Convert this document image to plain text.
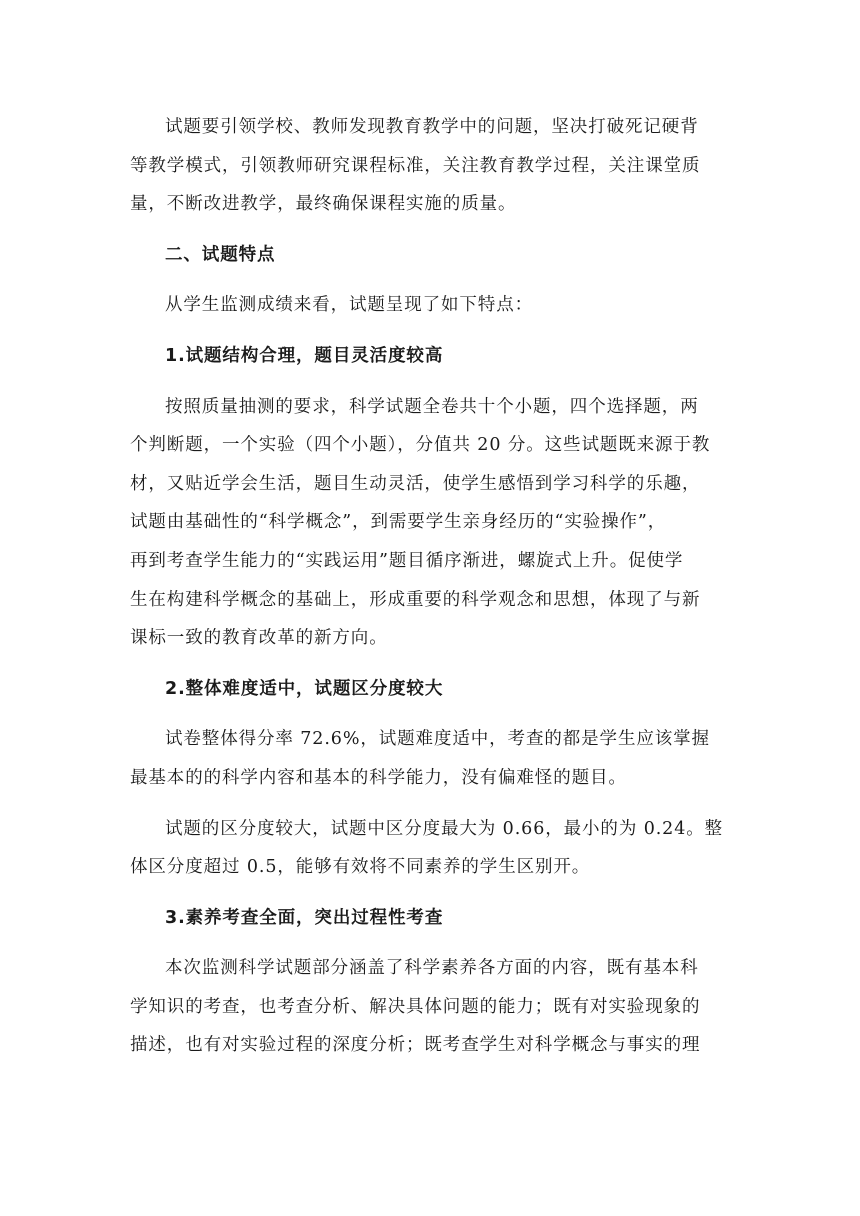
试题要引领学校、教师发现教育教学中的问题，坚决打破死记硬背
等教学模式，引领教师研究课程标准，关注教育教学过程，关注课堂质
量，不断改进教学，最终确保课程实施的质量。

二、试题特点

从学生监测成绩来看，试题呈现了如下特点：

1.试题结构合理，题目灵活度较高

按照质量抽测的要求，科学试题全卷共十个小题，四个选择题，两
个判断题，一个实验（四个小题），分值共 20 分。这些试题既来源于教
材，又贴近学会生活，题目生动灵活，使学生感悟到学习科学的乐趣，
试题由基础性的“科学概念”，到需要学生亲身经历的“实验操作”，
再到考查学生能力的“实践运用”题目循序渐进，螺旋式上升。促使学
生在构建科学概念的基础上，形成重要的科学观念和思想，体现了与新
课标一致的教育改革的新方向。

2.整体难度适中，试题区分度较大

试卷整体得分率 72.6%，试题难度适中，考查的都是学生应该掌握
最基本的的科学内容和基本的科学能力，没有偏难怪的题目。

试题的区分度较大，试题中区分度最大为 0.66，最小的为 0.24。整
体区分度超过 0.5，能够有效将不同素养的学生区别开。

3.素养考查全面，突出过程性考查

本次监测科学试题部分涵盖了科学素养各方面的内容，既有基本科
学知识的考查，也考查分析、解决具体问题的能力；既有对实验现象的
描述，也有对实验过程的深度分析；既考查学生对科学概念与事实的理
